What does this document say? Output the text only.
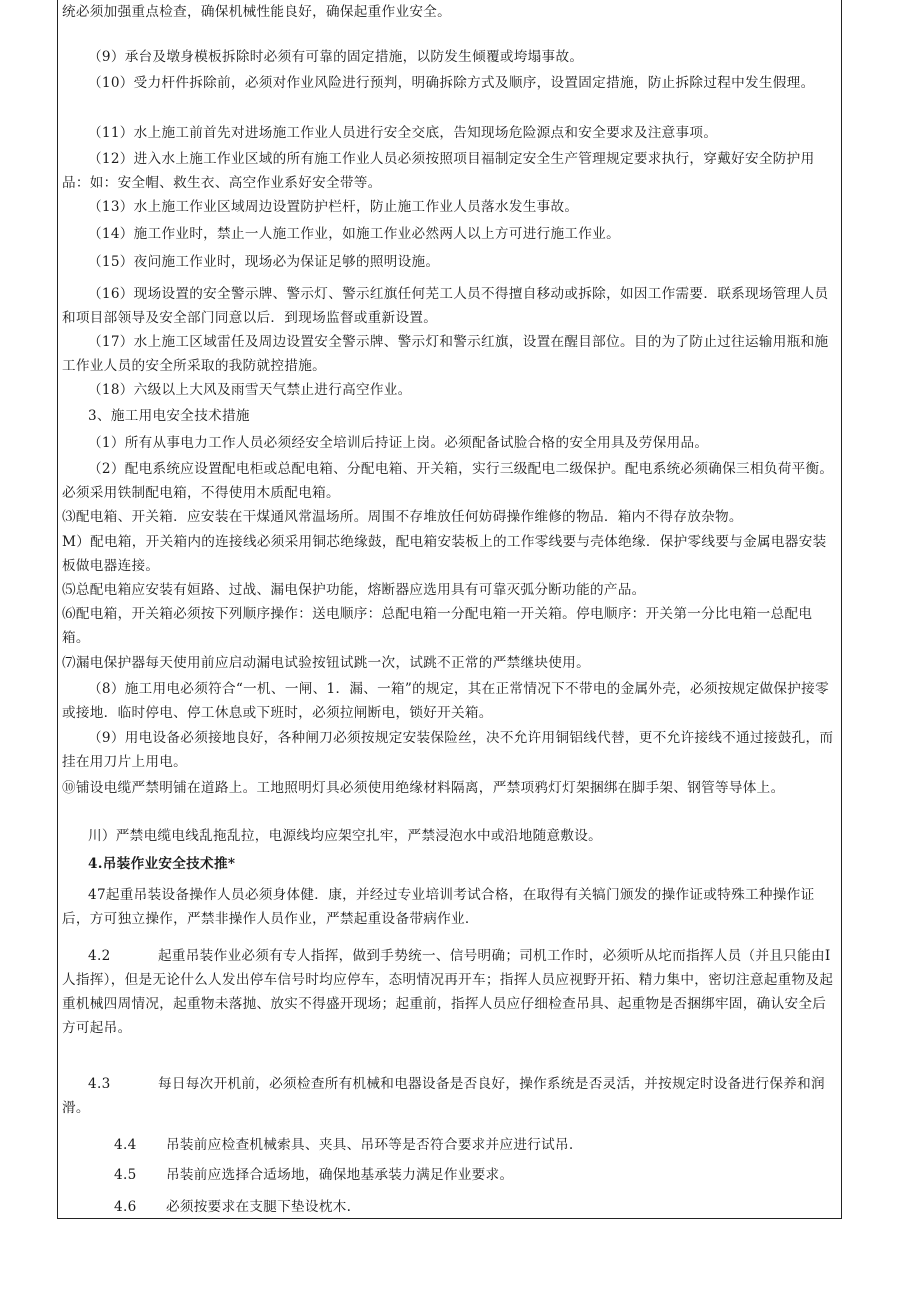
统必须加强重点检查，确保机械性能良好，确保起重作业安全。
（9）承台及墩身模板拆除时必须有可靠的固定措施，以防发生倾覆或垮塌事故。
（10）受力杆件拆除前，必须对作业风险进行预判，明确拆除方式及顺序，设置固定措施，防止拆除过程中发生假理。
（11）水上施工前首先对进场施工作业人员进行安全交底，告知现场危险源点和安全要求及注意事项。
（12）进入水上施工作业区域的所有施工作业人员必须按照项目福制定安全生产管理规定要求执行，穿戴好安全防护用品：如：安全帽、救生衣、高空作业系好安全带等。
（13）水上施工作业区域周边设置防护栏杆，防止施工作业人员落水发生事故。
（14）施工作业时，禁止一人施工作业，如施工作业必然两人以上方可进行施工作业。
（15）夜问施工作业时，现场必为保证足够的照明设施。
（16）现场设置的安全警示牌、警示灯、警示红旗任何芜工人员不得擅自移动或拆除，如因工作需要．联系现场管理人员和项目部领导及安全部门同意以后．到现场监督或重新设置。
（17）水上施工区域雷任及周边设置安全警示牌、警示灯和警示红旗，设置在醒目部位。目的为了防止过往运输用瓶和施工作业人员的安全所采取的我防就控措施。
（18）六级以上大风及雨雪天气禁止进行高空作业。
3、施工用电安全技术措施
（1）所有从事电力工作人员必须经安全培训后持证上岗。必须配备试脸合格的安全用具及劳保用品。
（2）配电系统应设置配电柜或总配电箱、分配电箱、开关箱，实行三级配电二级保护。配电系统必须确保三相负荷平衡。必须采用铁制配电箱，不得使用木质配电箱。
⑶配电箱、开关箱．应安装在干煤通风常温场所。周围不存堆放任何妨碍操作维修的物品．箱内不得存放杂物。
M）配电箱，开关箱内的连接线必须采用铜芯绝缘鼓，配电箱安装板上的工作零线要与壳体绝缘．保护零线要与金属电器安装板做电器连接。
⑸总配电箱应安装有姮路、过战、漏电保护功能，熔断器应选用具有可靠灭弧分断功能的产品。
⑹配电箱，开关箱必须按下列顺序操作：送电顺序：总配电箱一分配电箱一开关箱。停电顺序：开关第一分比电箱一总配电箱。
⑺漏电保护器每天使用前应启动漏电试验按钮试跳一次，试跳不正常的严禁继块使用。
（8）施工用电必须符合“一机、一闸、1．漏、一箱”的规定，其在正常情况下不带电的金属外壳，必须按规定做保护接零或接地．临时停电、停工休息或下班时，必须拉闸断电，锁好开关箱。
（9）用电设备必须接地良好，各种闸刀必须按规定安装保险丝，决不允许用铜铝线代替，更不允许接线不通过接鼓孔，而挂在用刀片上用电。
⑩铺设电缆严禁明铺在道路上。工地照明灯具必须使用绝缘材料隔离，严禁项鸦灯灯架捆绑在脚手架、钢管等导体上。
川）严禁电缆电线乱拖乱拉，电源线均应架空扎牢，严禁浸泡水中或沿地随意敷设。
4.吊装作业安全技术推*
47起重吊装设备操作人员必须身体健．康，并经过专业培训考试合格，在取得有关犒门颁发的操作证或特殊工种操作证后，方可独立操作，严禁非操作人员作业，严禁起重设备带病作业．
4.2	起重吊装作业必须有专人指挥，做到手势统一、信号明确；司机工作时，必须听从坨而指挥人员（并且只能由I人指挥），但是无论什么人发出停车信号时均应停车，态明情况再开车；指挥人员应视野开拓、精力集中，密切注意起重物及起重机械四周情况，起重物未落抛、放实不得盛开现场；起重前，指挥人员应仔细检查吊具、起重物是否捆绑牢固，确认安全后方可起吊。
4.3	每日每次开机前，必须检查所有机械和电器设备是否良好，操作系统是否灵活，并按规定时设备进行保养和润滑。
4.4 吊装前应检查机械索具、夹具、吊环等是否符合要求并应进行试吊.
4.5 吊装前应选择合适场地，确保地基承装力满足作业要求。
4.6 必须按要求在支腿下垫设枕木.
